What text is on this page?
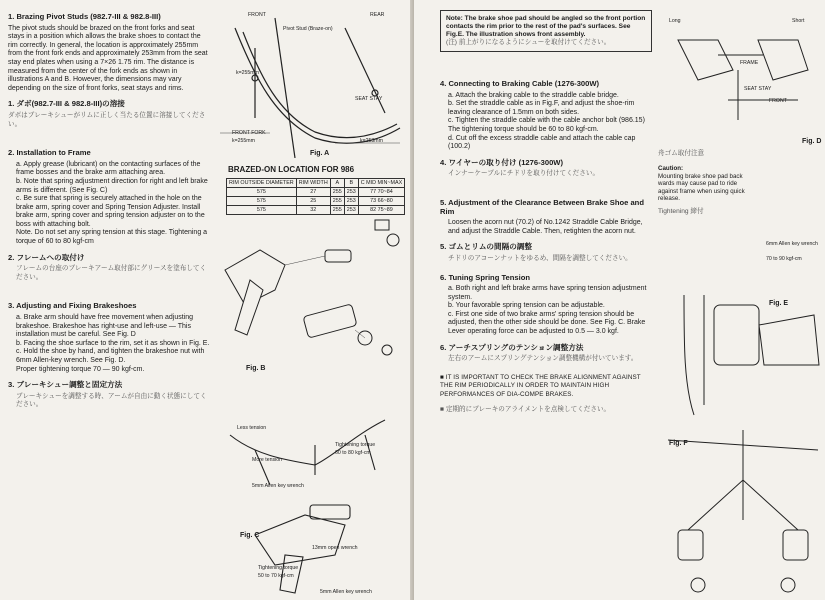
1. Brazing Pivot Studs (982.7-III & 982.8-III)
The pivot studs should be brazed on the front forks and seat stays in a position which allows the brake shoes to contact the rim correctly. In general, the location is approximately 255mm from the front fork ends and approximately 253mm from the seat stay end plates when using a 7×26 1.75 rim. The distance is measured from the center of the fork ends as shown in illustrations A and B. However, the dimensions may vary depending on the size of front forks, seat stays and rims.
1. ダボ(982.7-III & 982.8-III)の溶接
ダボはブレーキシューがリムに正しく当たる位置に溶接してください。
2. Installation to Frame
a. Apply grease (lubricant) on the contacting surfaces of the frame bosses and the brake arm attaching area.
b. Note that spring adjustment direction for right and left brake arms is different. (See Fig. C)
c. Be sure that spring is securely attached in the hole on the brake arm, spring cover and Spring Tension Adjuster. Install brake arm, spring cover and spring tension adjuster on to the boss with attaching bolt.
Note. Do not set any spring tension at this stage. Tightening a torque of 60 to 80 kgf-cm
2. フレームへの取付け
フレームの台座のブレーキアーム取付部にグリースを塗布してください。
3. Adjusting and Fixing Brakeshoes
a. Brake arm should have free movement when adjusting brakeshoe. Brakeshoe has right-use and left-use — This installation must be careful. See Fig. D
b. Facing the shoe surface to the rim, set it as shown in Fig. E.
c. Hold the shoe by hand, and tighten the brakeshoe nut with 6mm Allen-key wrench. See Fig. D.
Proper tightening torque 70 — 90 kgf-cm.
3. ブレーキシュー調整と固定方法
ブレーキシューを調整する時、アームが自由に動く状態にしてください。
FRONT	REAR
Pivot Stud (Braze-on)
SEAT STAY
k=255mm
FRONT FORK
k=255mm	k=253mm
Fig. A
BRAZED-ON LOCATION FOR 986
RIM OUTSIDE DIAMETER	RIM WIDTH	A	B	C MID MIN~MAX
575	27	255	253	77 70~84
575	25	255	253	73 66~80
575	32	255	253	82 75~89
Fig. B
Less tension
More tension
5mm Allen key wrench
Tightening torque
60 to 80 kgf-cm
Tightening torque
50 to 70 kgf-cm
13mm open wrench
5mm Allen key wrench
Fig. C
Note: The brake shoe pad should be angled so the front portion contacts the rim prior to the rest of the pad's surfaces. See Fig.E. The illustration shows front assembly.
(注) 前上がりになるようにシューを取付けてください。
4. Connecting to Braking Cable (1276-300W)
a. Attach the braking cable to the straddle cable bridge.
b. Set the straddle cable as in Fig.F, and adjust the shoe-rim leaving clearance of 1.5mm on both sides.
c. Tighten the straddle cable with the cable anchor bolt (986.15) The tightening torque should be 60 to 80 kgf-cm.
d. Cut off the excess straddle cable and attach the cable cap (100.2)
4. ワイヤーの取り付け (1276-300W)
インナーケーブルにチドリを取り付けてください。
5. Adjustment of the Clearance Between Brake Shoe and Rim
Loosen the acorn nut (70.2) of No.1242 Straddle Cable Bridge, and adjust the Straddle Cable. Then, retighten the acorn nut.
5. ゴムとリムの間隔の調整
チドリのアコーンナットをゆるめ、間隔を調整してください。
6. Tuning Spring Tension
a. Both right and left brake arms have spring tension adjustment system.
b. Your favorable spring tension can be adjustable.
c. First one side of two brake arms' spring tension should be adjusted, then the other side should be done. See Fig. C. Brake Lever operating force can be adjusted to 0.5 — 3.0 kgf.
6. アーチスプリングのテンション調整方法
左右のアームにスプリングテンション調整機構が付いています。
■ IT IS IMPORTANT TO CHECK THE BRAKE ALIGNMENT AGAINST THE RIM PERIODICALLY IN ORDER TO MAINTAIN HIGH PERFORMANCES OF DIA-COMPE BRAKES.
■ 定期的にブレーキのアライメントを点検してください。
Long	Short
FRAME
SEAT STAY
FRONT
Fig. D
舟ゴム取付注意
Caution:
Mounting brake shoe pad back wards may cause pad to ride against frame when using quick release.
Tightening 締付
6mm Allen key wrench
70 to 90 kgf-cm
Fig. E
Fig. F
